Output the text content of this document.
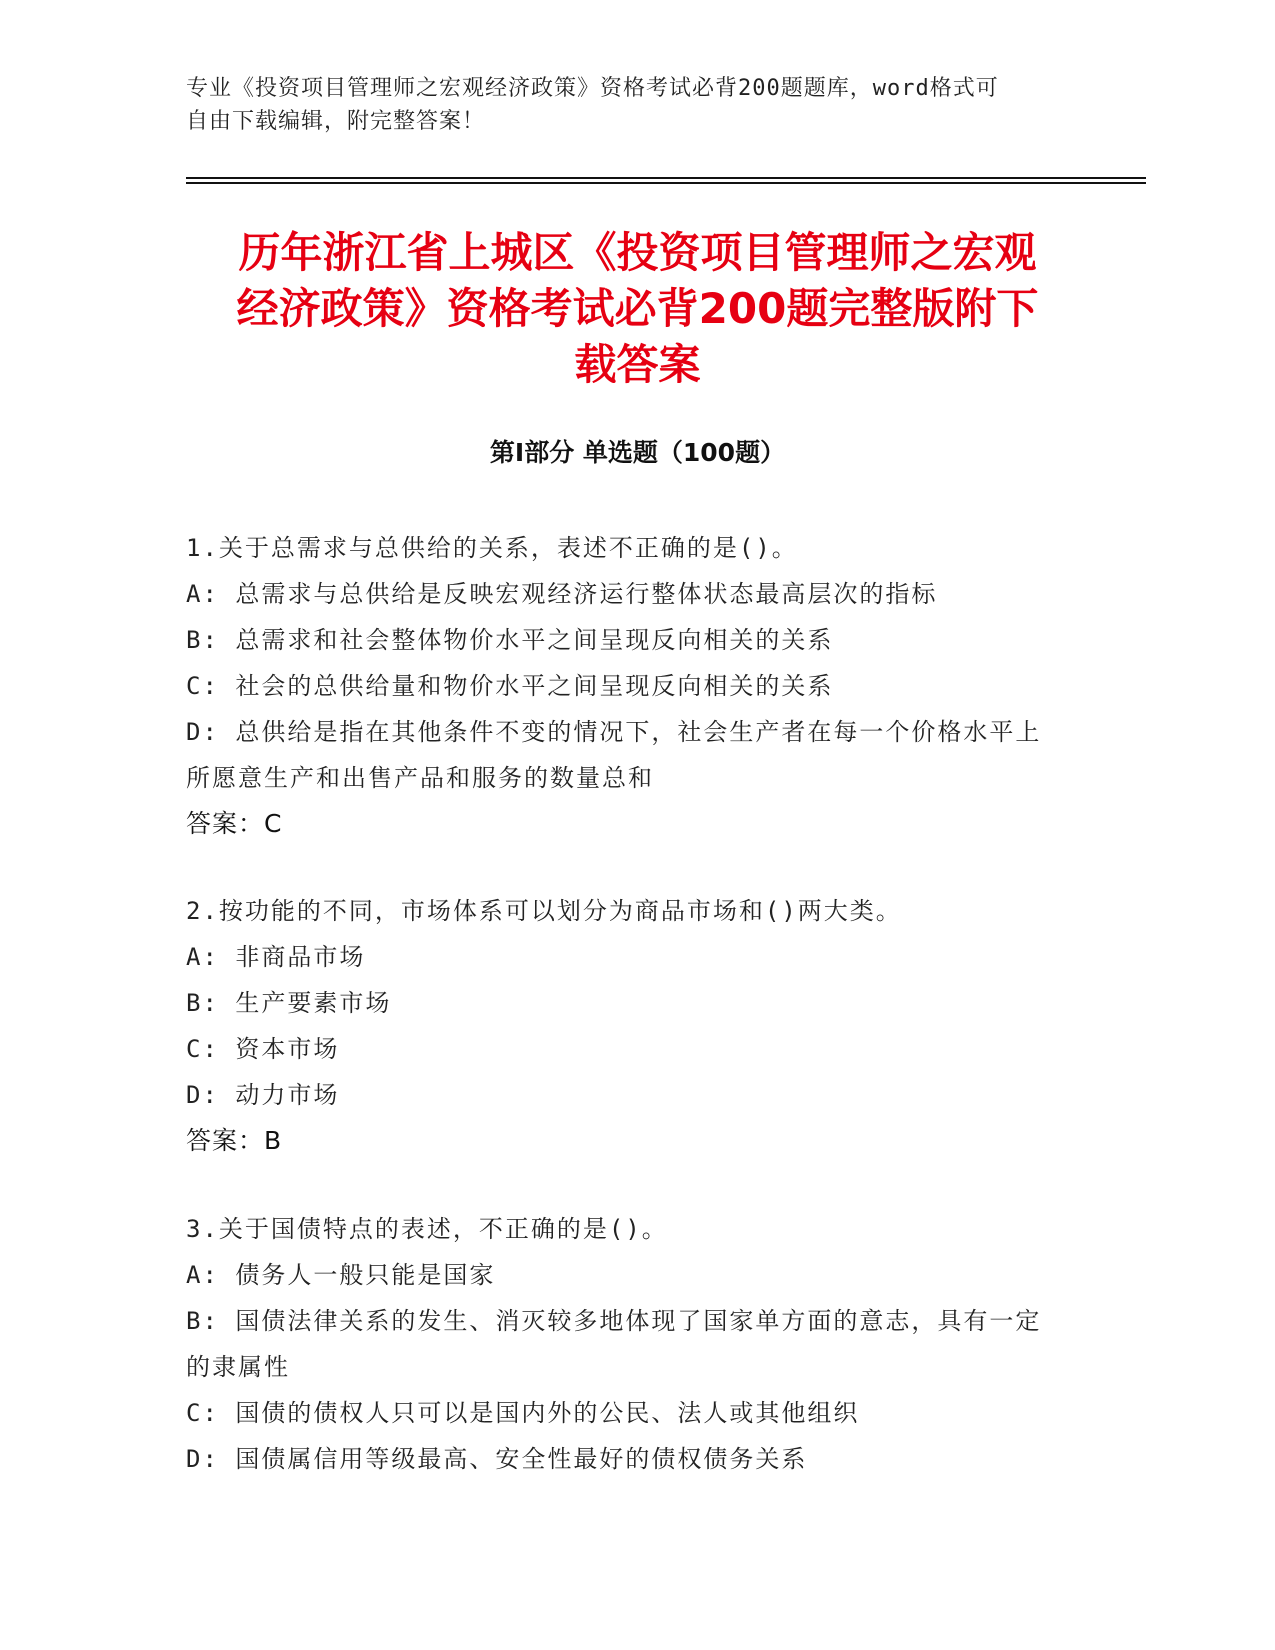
专业《投资项目管理师之宏观经济政策》资格考试必背200题题库，word格式可
自由下载编辑，附完整答案！
历年浙江省上城区《投资项目管理师之宏观
经济政策》资格考试必背200题完整版附下
载答案
第Ⅰ部分 单选题（100题）
1.关于总需求与总供给的关系，表述不正确的是()。
A: 总需求与总供给是反映宏观经济运行整体状态最高层次的指标
B: 总需求和社会整体物价水平之间呈现反向相关的关系
C: 社会的总供给量和物价水平之间呈现反向相关的关系
D: 总供给是指在其他条件不变的情况下，社会生产者在每一个价格水平上所愿意生产和出售产品和服务的数量总和
答案：C
2.按功能的不同，市场体系可以划分为商品市场和()两大类。
A: 非商品市场
B: 生产要素市场
C: 资本市场
D: 动力市场
答案：B
3.关于国债特点的表述，不正确的是()。
A: 债务人一般只能是国家
B: 国债法律关系的发生、消灭较多地体现了国家单方面的意志，具有一定的隶属性
C: 国债的债权人只可以是国内外的公民、法人或其他组织
D: 国债属信用等级最高、安全性最好的债权债务关系
